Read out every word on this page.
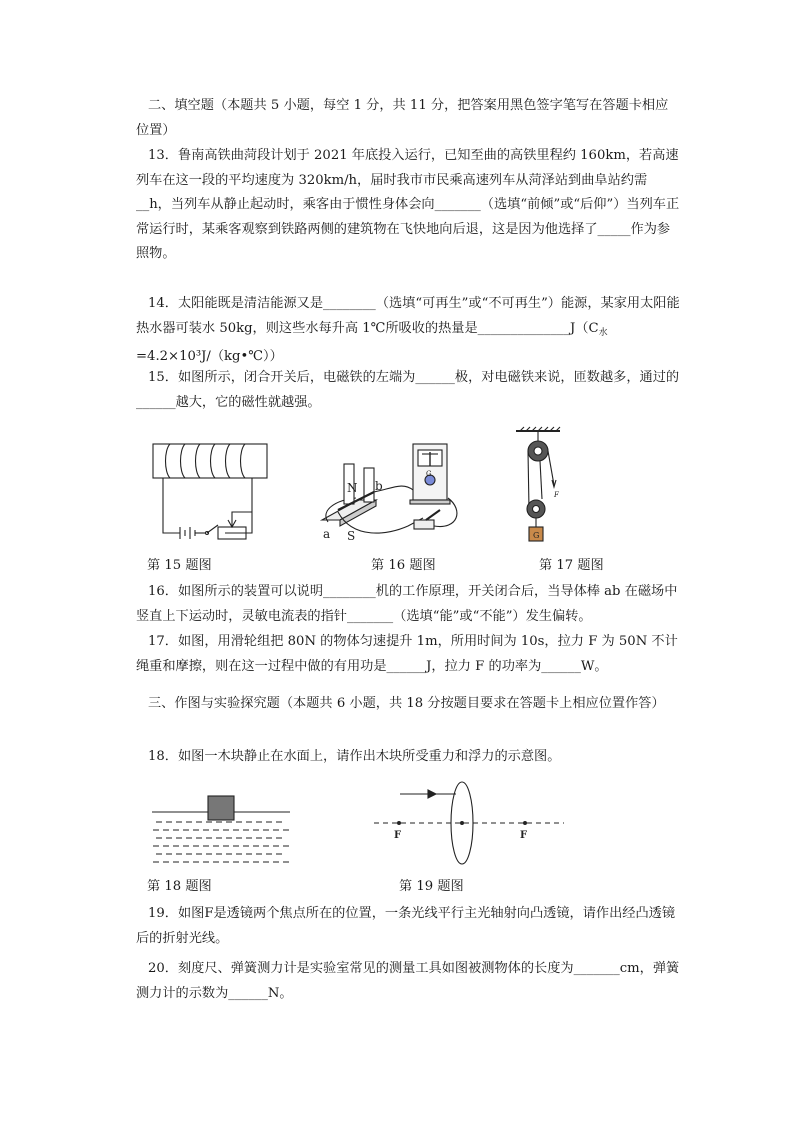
二、填空题（本题共 5 小题，每空 1 分，共 11 分，把答案用黑色签字笔写在答题卡相应位置）

13．鲁南高铁曲菏段计划于 2021 年底投入运行，已知至曲的高铁里程约 160km，若高速列车在这一段的平均速度为 320km/h，届时我市市民乘高速列车从菏泽站到曲阜站约需__h，当列车从静止起动时，乘客由于惯性身体会向_______（选填“前倾”或“后仰”）当列车正常运行时，某乘客观察到铁路两侧的建筑物在飞快地向后退，这是因为他选择了_____作为参照物。

14．太阳能既是清洁能源又是________（选填“可再生”或“不可再生”）能源，某家用太阳能热水器可装水 50kg，则这些水每升高 1℃所吸收的热量是$\_\_\_\_\_\_\_\_\_\_\_\_\_\_J(C_水=4.2\times 10^3J/(kg•℃))$

15．如图所示，闭合开关后，电磁铁的左端为______极，对电磁铁来说，匝数越多，通过的______越大，它的磁性就越强。

第 15 题图
N
S
a
b
G
第 16 题图
F
G
第 17 题图

16．如图所示的装置可以说明________机的工作原理，开关闭合后，当导体棒 ab 在磁场中竖直上下运动时，灵敏电流表的指针_______（选填“能”或“不能”）发生偏转。

17．如图，用滑轮组把 80N 的物体匀速提升 1m，所用时间为 10s，拉力 F 为 50N 不计绳重和摩擦，则在这一过程中做的有用功是______J，拉力 F 的功率为______W。

三、作图与实验探究题（本题共 6 小题，共 18 分按题目要求在答题卡上相应位置作答）

18．如图一木块静止在水面上，请作出木块所受重力和浮力的示意图。

第 18 题图
F	F
第 19 题图

19．如图F是透镜两个焦点所在的位置，一条光线平行主光轴射向凸透镜，请作出经凸透镜后的折射光线。

20．刻度尺、弹簧测力计是实验室常见的测量工具如图被测物体的长度为_______cm，弹簧测力计的示数为______N。
